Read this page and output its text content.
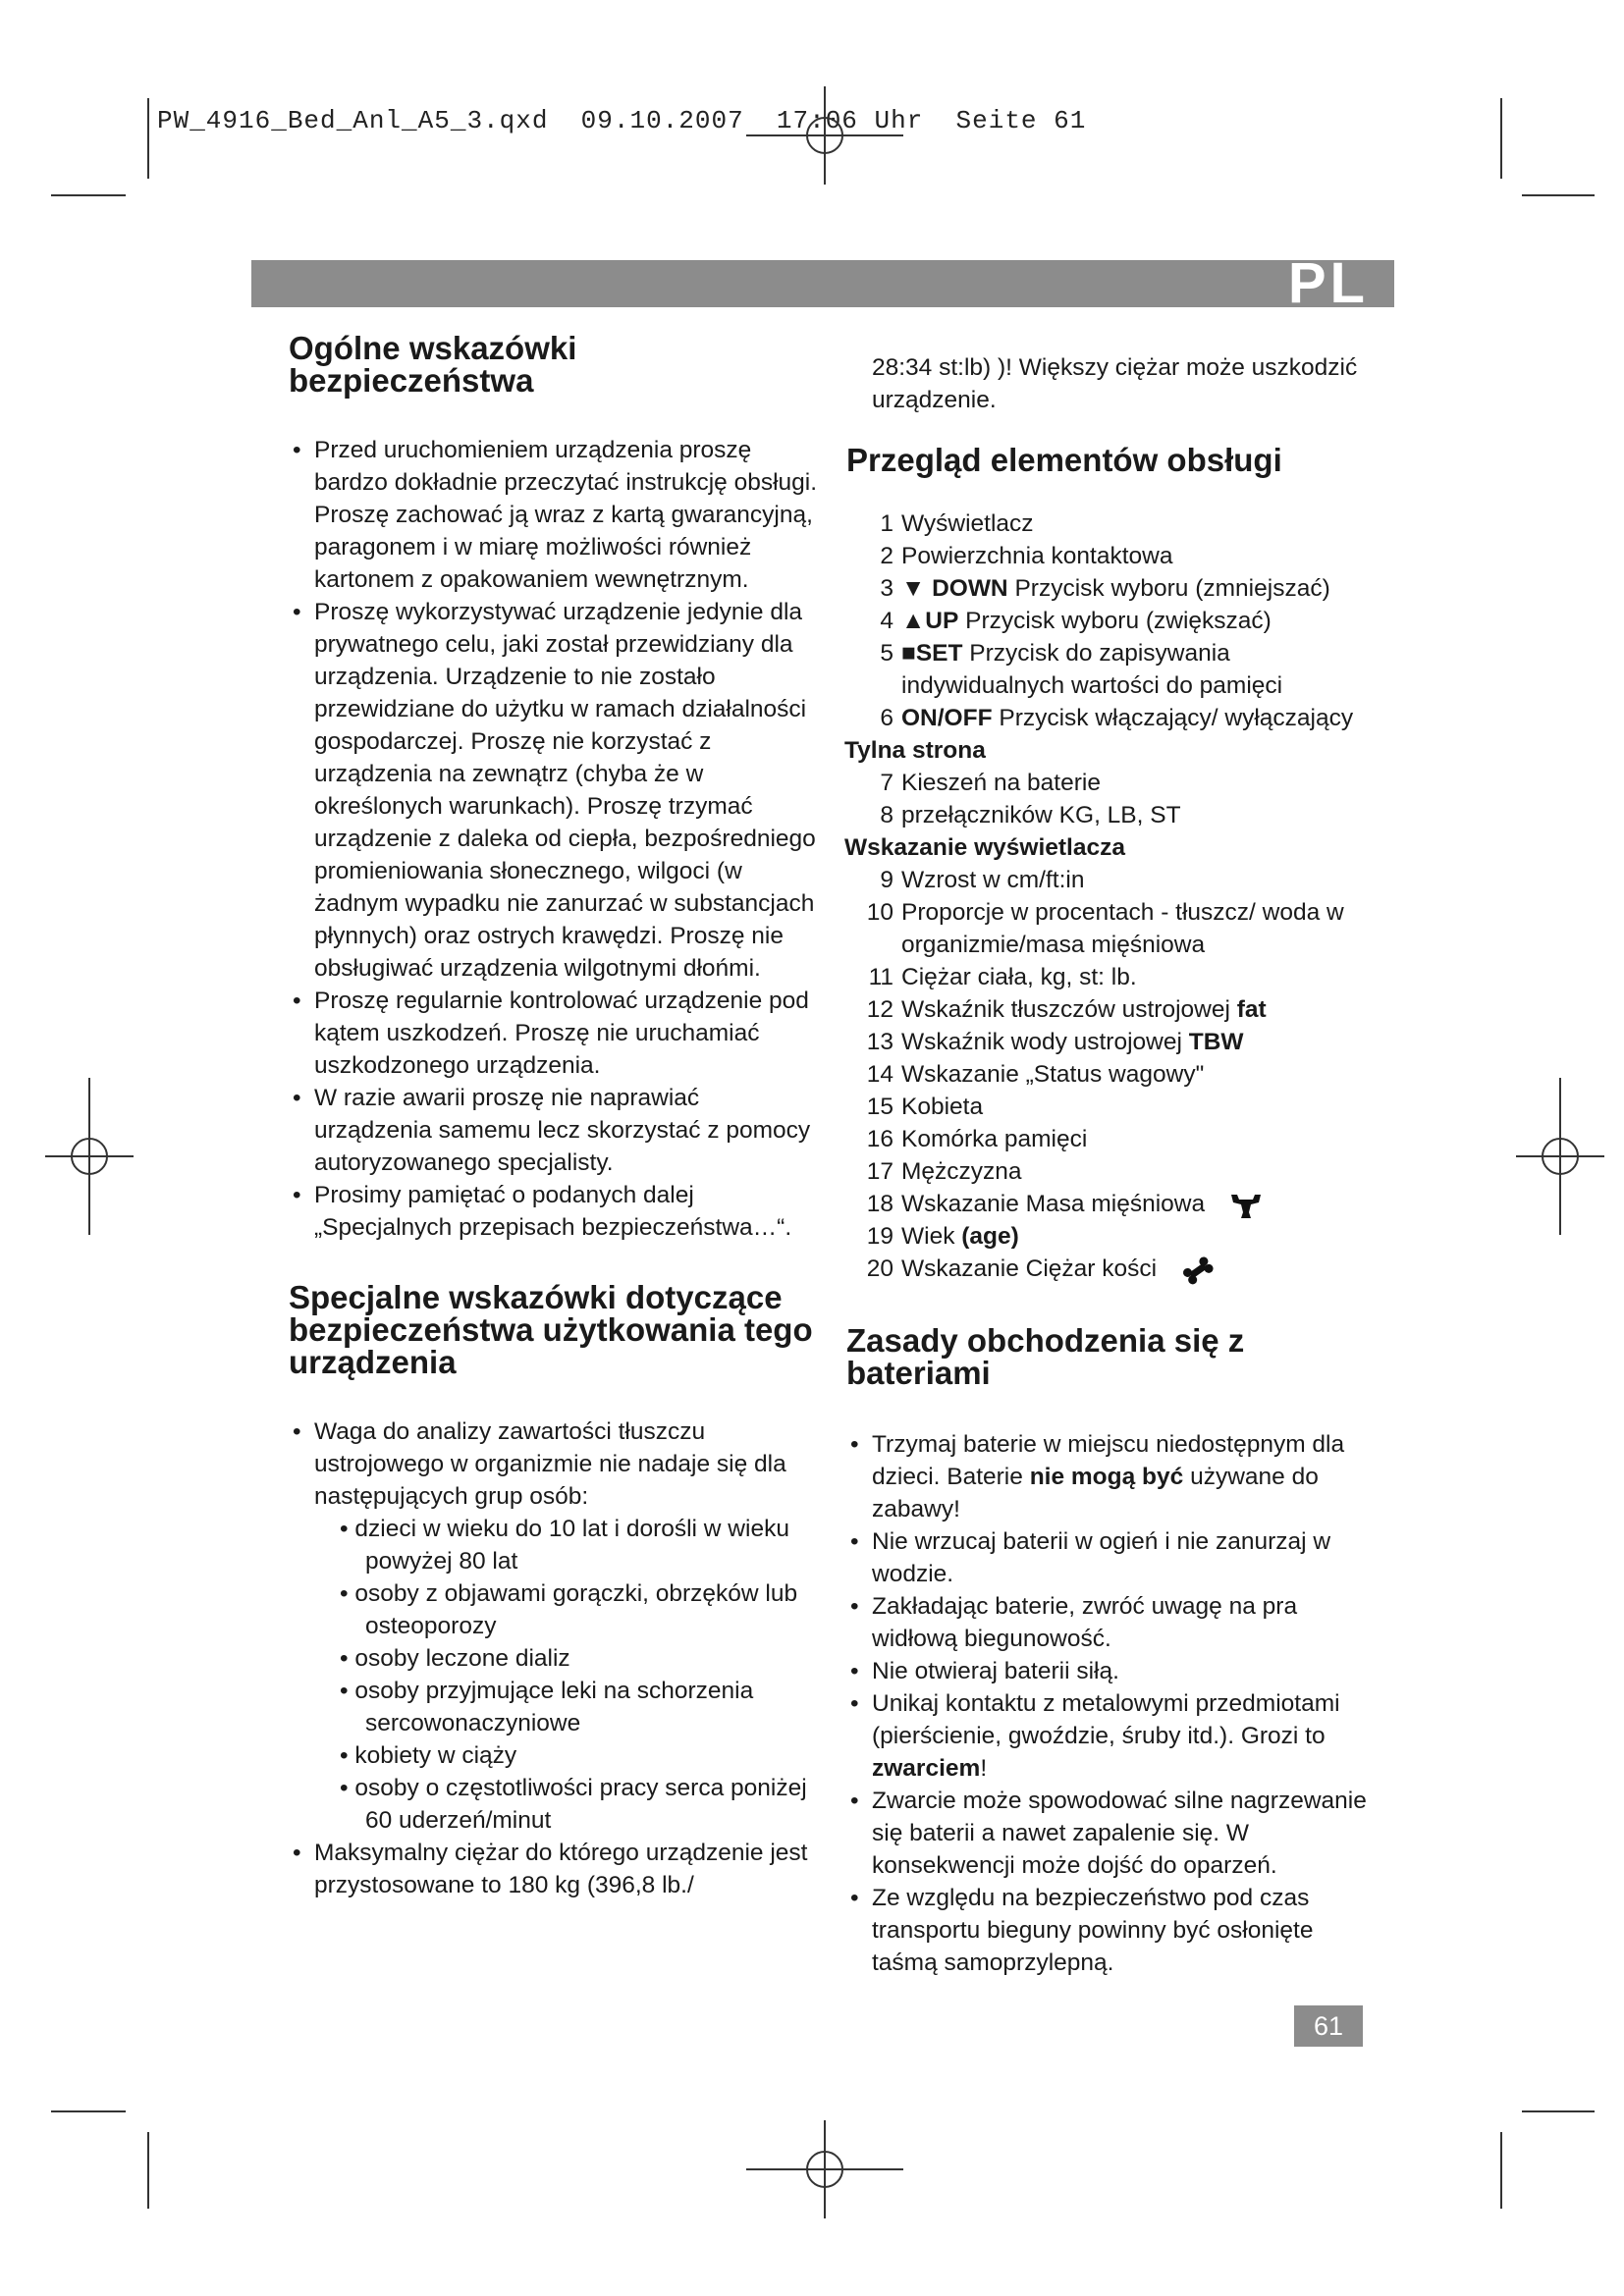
PW_4916_Bed_Anl_A5_3.qxd  09.10.2007  17:06 Uhr  Seite 61
PL
Ogólne wskazówki bezpieczeństwa
• Przed uruchomieniem urządzenia proszę bardzo dokładnie przeczytać instrukcję obsługi. Proszę zachować ją wraz z kartą gwarancyjną, paragonem i w miarę możliwości również kartonem z opakowaniem wewnętrznym.
• Proszę wykorzystywać urządzenie jedynie dla prywatnego celu, jaki został przewidziany dla urządzenia. Urządzenie to nie zostało przewidziane do użytku w ramach działalności gospodarczej. Proszę nie korzystać z urządzenia na zewnątrz (chyba że w określonych warunkach). Proszę trzymać urządzenie z daleka od ciepła, bezpośredniego promieniowania słonecznego, wilgoci (w żadnym wypadku nie zanurzać w substancjach płynnych) oraz ostrych krawędzi. Proszę nie obsługiwać urządzenia wilgotnymi dłońmi.
• Proszę regularnie kontrolować urządzenie pod kątem uszkodzeń. Proszę nie uruchamiać uszkodzonego urządzenia.
• W razie awarii proszę nie naprawiać urządzenia samemu lecz skorzystać z pomocy autoryzowanego specjalisty.
• Prosimy pamiętać o podanych dalej „Specjalnych przepisach bezpieczeństwa…“.
Specjalne wskazówki dotyczące bezpieczeństwa użytkowania tego urządzenia
• Waga do analizy zawartości tłuszczu ustrojowego w organizmie nie nadaje się dla następujących grup osób:
• dzieci w wieku do 10 lat i dorośli w wieku powyżej 80 lat
• osoby z objawami gorączki, obrzęków lub osteoporozy
• osoby leczone dializ
• osoby przyjmujące leki na schorzenia sercowonaczyniowe
• kobiety w ciąży
• osoby o częstotliwości pracy serca poniżej 60 uderzeń/minut
• Maksymalny ciężar do którego urządzenie jest przystosowane to 180 kg (396,8 lb./
28:34 st:lb) )! Większy ciężar może uszkodzić urządzenie.
Przegląd elementów obsługi
1 Wyświetlacz
2 Powierzchnia kontaktowa
3 ▼ DOWN Przycisk wyboru (zmniejszać)
4 ▲UP Przycisk wyboru (zwiększać)
5 ■SET Przycisk do zapisywania indywidualnych wartości do pamięci
6 ON/OFF Przycisk włączający/ wyłączający
Tylna strona
7 Kieszeń na baterie
8 przełączników KG, LB, ST
Wskazanie wyświetlacza
9 Wzrost w cm/ft:in
10 Proporcje w procentach - tłuszcz/ woda w organizmie/masa mięśniowa
11 Ciężar ciała, kg, st: lb.
12 Wskaźnik tłuszczów ustrojowej fat
13 Wskaźnik wody ustrojowej TBW
14 Wskazanie „Status wagowy"
15 Kobieta
16 Komórka pamięci
17 Mężczyzna
18 Wskazanie Masa mięśniowa
19 Wiek (age)
20 Wskazanie Ciężar kości
Zasady obchodzenia się z bateriami
• Trzymaj baterie w miejscu niedostępnym dla dzieci. Baterie nie mogą być używane do zabawy!
• Nie wrzucaj baterii w ogień i nie zanurzaj w wodzie.
• Zakładając baterie, zwróć uwagę na pra widłową biegunowość.
• Nie otwieraj baterii siłą.
• Unikaj kontaktu z metalowymi przedmiotami (pierścienie, gwoździe, śruby itd.). Grozi to zwarciem!
• Zwarcie może spowodować silne nagrzewanie się baterii a nawet zapalenie się. W konsekwencji może dojść do oparzeń.
• Ze względu na bezpieczeństwo pod czas transportu bieguny powinny być osłonięte taśmą samoprzylepną.
61
